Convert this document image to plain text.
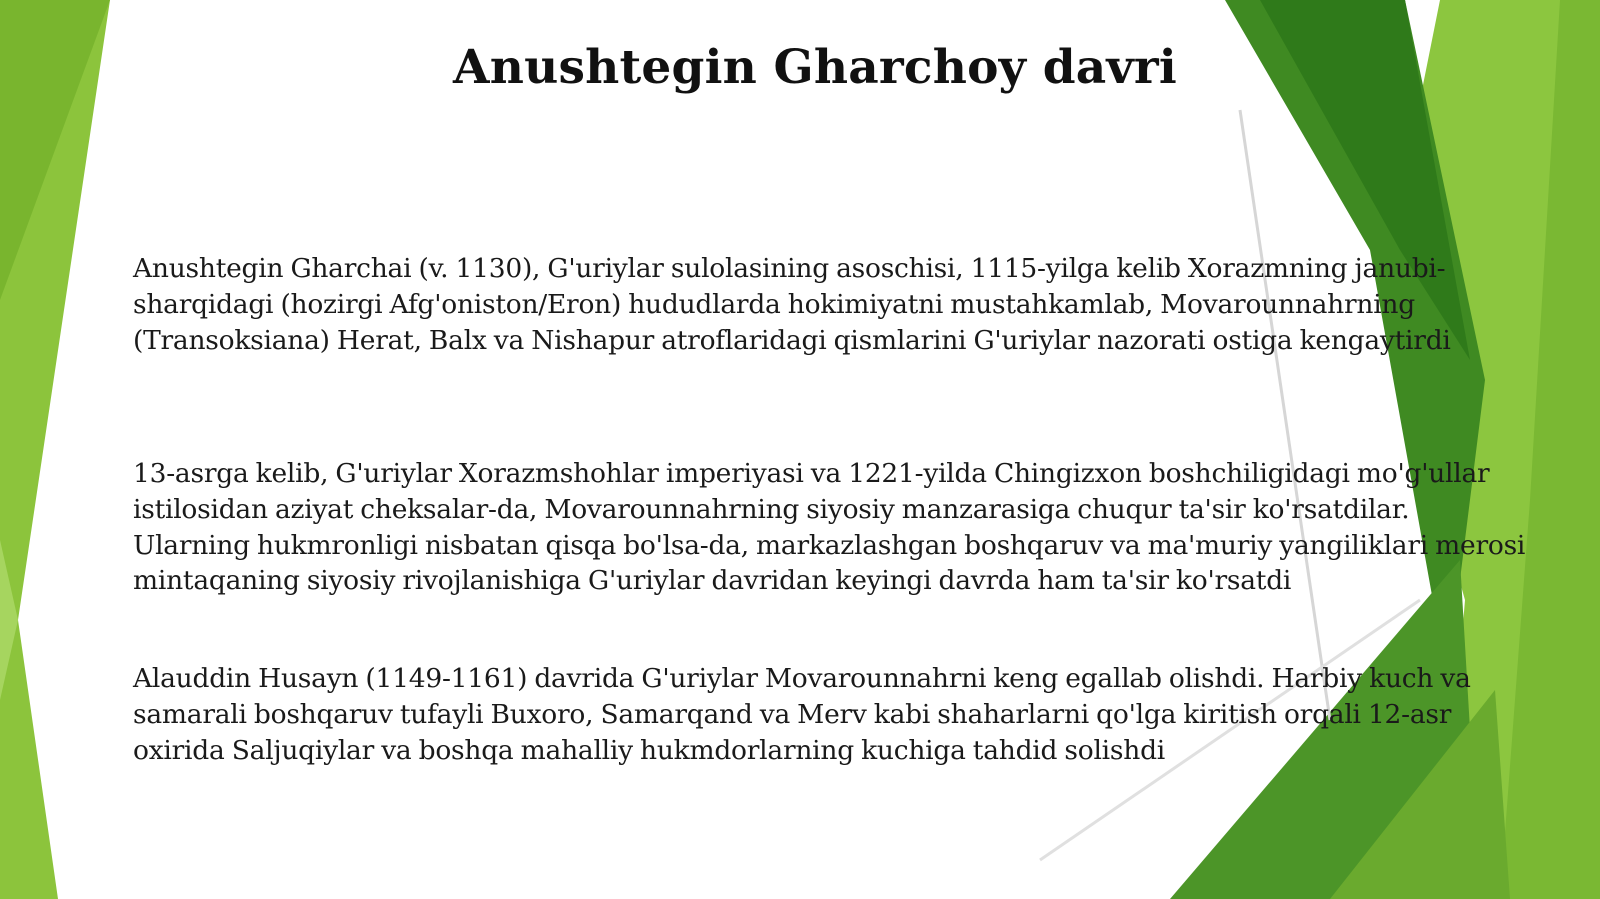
Anushtegin Gharchoy davri

Anushtegin Gharchai (v. 1130), G'uriylar sulolasining asoschisi, 1115-yilga kelib Xorazmning janubi-sharqidagi (hozirgi Afg'oniston/Eron) hududlarda hokimiyatni mustahkamlab, Movarounnahrning (Transoksiana) Herat, Balx va Nishapur atroflaridagi qismlarini G'uriylar nazorati ostiga kengaytirdi

13-asrga kelib, G'uriylar Xorazmshohlar imperiyasi va 1221-yilda Chingizxon boshchiligidagi mo'g'ullar istilosidan aziyat cheksalar-da, Movarounnahrning siyosiy manzarasiga chuqur ta'sir ko'rsatdilar. Ularning hukmronligi nisbatan qisqa bo'lsa-da, markazlashgan boshqaruv va ma'muriy yangiliklari merosi mintaqaning siyosiy rivojlanishiga G'uriylar davridan keyingi davrda ham ta'sir ko'rsatdi

Alauddin Husayn (1149-1161) davrida G'uriylar Movarounnahrni keng egallab olishdi. Harbiy kuch va samarali boshqaruv tufayli Buxoro, Samarqand va Merv kabi shaharlarni qo'lga kiritish orqali 12-asr oxirida Saljuqiylar va boshqa mahalliy hukmdorlarning kuchiga tahdid solishdi
